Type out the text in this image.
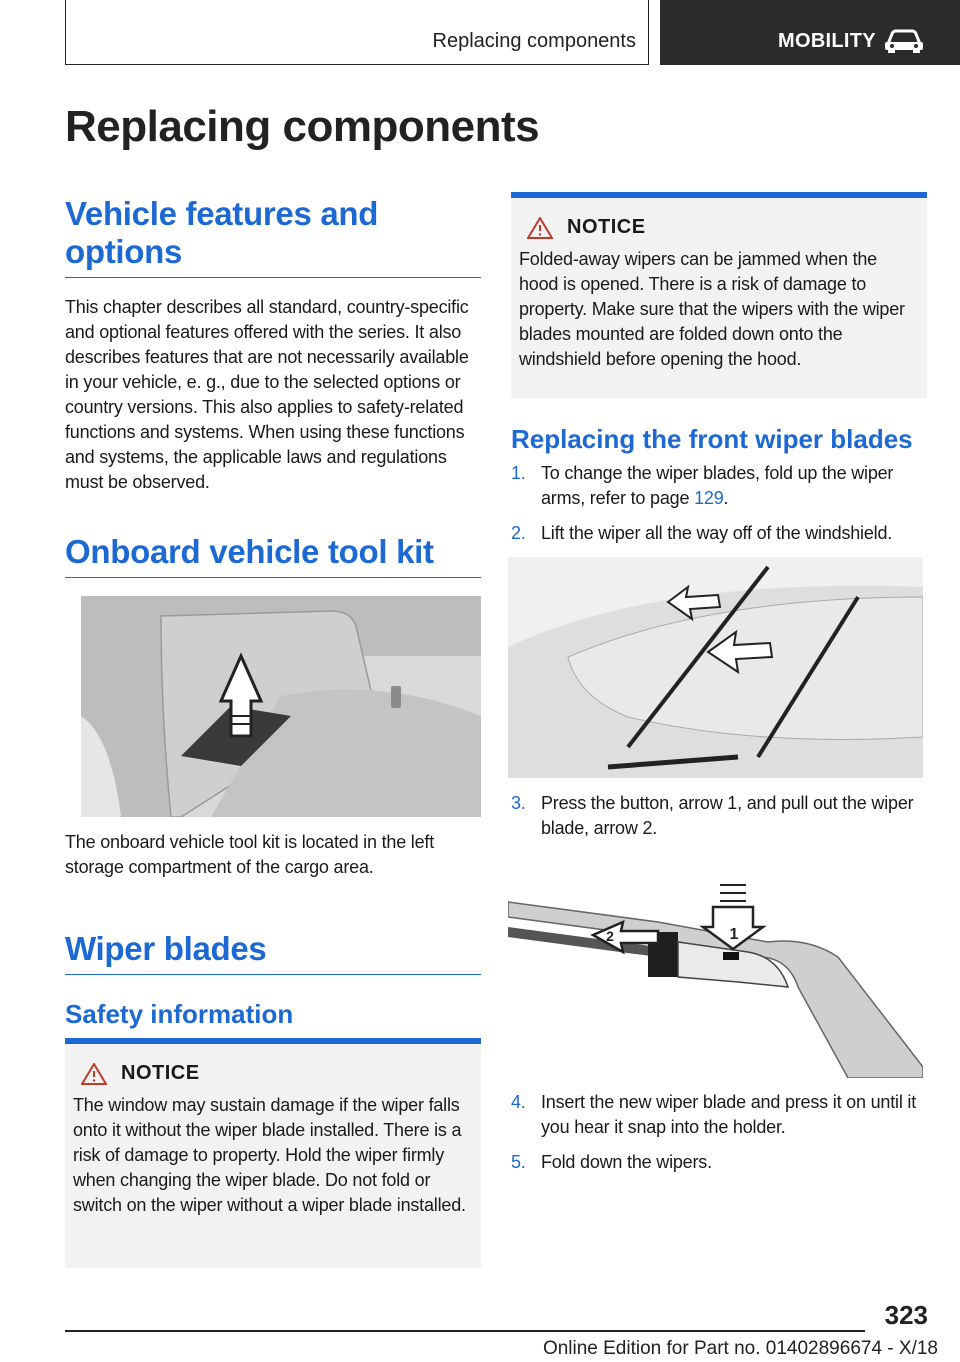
Replacing components	MOBILITY
Replacing components
Vehicle features and options

This chapter describes all standard, country-specific and optional features offered with the series. It also describes features that are not necessarily available in your vehicle, e. g., due to the selected options or country versions. This also applies to safety-related functions and systems. When using these functions and systems, the applicable laws and regulations must be observed.

Onboard vehicle tool kit

The onboard vehicle tool kit is located in the left storage compartment of the cargo area.

Wiper blades
Safety information
NOTICE

The window may sustain damage if the wiper falls onto it without the wiper blade installed. There is a risk of damage to property. Hold the wiper firmly when changing the wiper blade. Do not fold or switch on the wiper without a wiper blade installed.

NOTICE

Folded-away wipers can be jammed when the hood is opened. There is a risk of damage to property. Make sure that the wipers with the wiper blades mounted are folded down onto the windshield before opening the hood.

Replacing the front wiper blades
1. To change the wiper blades, fold up the wiper arms, refer to page 129.
2. Lift the wiper all the way off of the windshield.
3. Press the button, arrow 1, and pull out the wiper blade, arrow 2.
1
2
4. Insert the new wiper blade and press it on until it you hear it snap into the holder.
5. Fold down the wipers.
323
Online Edition for Part no. 01402896674 - X/18
